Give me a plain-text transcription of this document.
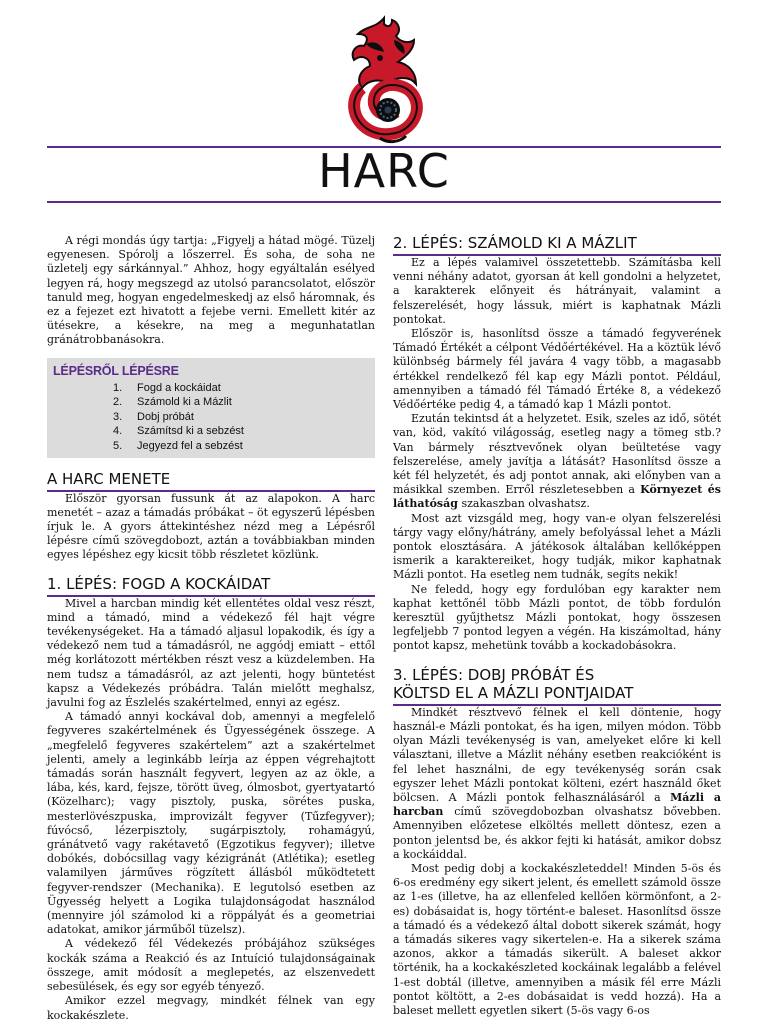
HARC

A régi mondás úgy tartja: „Figyelj a hátad mögé. Tüzelj egyenesen. Spórolj a lőszerrel. És soha, de soha ne üzletelj egy sárkánnyal.” Ahhoz, hogy egyáltalán esélyed legyen rá, hogy megszegd az utolsó parancsolatot, először tanuld meg, hogyan engedelmeskedj az első háromnak, és ez a fejezet ezt hivatott a fejebe verni. Emellett kitér az ütésekre, a késekre, na meg a megunhatatlan gránátrobbanásokra.

LÉPÉSRŐL LÉPÉSRE
1.	Fogd a kockáidat
2.	Számold ki a Mázlit
3.	Dobj próbát
4.	Számítsd ki a sebzést
5.	Jegyezd fel a sebzést
A HARC MENETE

Először gyorsan fussunk át az alapokon. A harc menetét – azaz a támadás próbákat – öt egyszerű lépésben írjuk le. A gyors áttekintéshez nézd meg a Lépésről lépésre című szövegdobozt, aztán a továbbiakban minden egyes lépéshez egy kicsit több részletet közlünk.

1. LÉPÉS: FOGD A KOCKÁIDAT

Mivel a harcban mindig két ellentétes oldal vesz részt, mind a támadó, mind a védekező fél hajt végre tevékenységeket. Ha a támadó aljasul lopakodik, és így a védekező nem tud a támadásról, ne aggódj emiatt – ettől még korlátozott mértékben részt vesz a küzdelemben. Ha nem tudsz a támadásról, az azt jelenti, hogy büntetést kapsz a Védekezés próbádra. Talán mielőtt meghalsz, javulni fog az Észlelés szakértelmed, ennyi az egész.

A támadó annyi kockával dob, amennyi a megfelelő fegyveres szakértelmének és Ügyességének összege. A „megfelelő fegyveres szakértelem” azt a szakértelmet jelenti, amely a leginkább leírja az éppen végrehajtott támadás során használt fegyvert, legyen az az ökle, a lába, kés, kard, fejsze, törött üveg, ólmosbot, gyertyatartó (Közelharc); vagy pisztoly, puska, sörétes puska, mesterlövészpuska, improvizált fegyver (Tűzfegyver); fúvócső, lézerpisztoly, sugárpisztoly, rohamágyú, gránátvető vagy rakétavető (Egzotikus fegyver); illetve dobókés, dobócsillag vagy kézigránát (Atlétika); esetleg valamilyen járműves rögzített állásból működtetett fegyver-rendszer (Mechanika). E legutolsó esetben az Ügyesség helyett a Logika tulajdonságodat használod (mennyire jól számolod ki a röppályát és a geometriai adatokat, amikor járműből tüzelsz).

A védekező fél Védekezés próbájához szükséges kockák száma a Reakció és az Intuíció tulajdonságainak összege, amit módosít a meglepetés, az elszenvedett sebesülések, és egy sor egyéb tényező.

Amikor ezzel megvagy, mindkét félnek van egy kockakészlete.

2. LÉPÉS: SZÁMOLD KI A MÁZLIT

Ez a lépés valamivel összetettebb. Számításba kell venni néhány adatot, gyorsan át kell gondolni a helyzetet, a karakterek előnyeit és hátrányait, valamint a felszerelését, hogy lássuk, miért is kaphatnak Mázli pontokat.

Először is, hasonlítsd össze a támadó fegyverének Támadó Értékét a célpont Védőértékével. Ha a köztük lévő különbség bármely fél javára 4 vagy több, a magasabb értékkel rendelkező fél kap egy Mázli pontot. Például, amennyiben a támadó fél Támadó Értéke 8, a védekező Védőértéke pedig 4, a támadó kap 1 Mázli pontot.

Ezután tekintsd át a helyzetet. Esik, szeles az idő, sötét van, köd, vakító világosság, esetleg nagy a tömeg stb.? Van bármely résztvevőnek olyan beültetése vagy felszerelése, amely javítja a látását? Hasonlítsd össze a két fél helyzetét, és adj pontot annak, aki előnyben van a másikkal szemben. Erről részletesebben a Környezet és láthatóság szakaszban olvashatsz.

Most azt vizsgáld meg, hogy van-e olyan felszerelési tárgy vagy előny/hátrány, amely befolyással lehet a Mázli pontok elosztására. A játékosok általában kellőképpen ismerik a karaktereiket, hogy tudják, mikor kaphatnak Mázli pontot. Ha esetleg nem tudnák, segíts nekik!

Ne feledd, hogy egy fordulóban egy karakter nem kaphat kettőnél több Mázli pontot, de több fordulón keresztül gyűjthetsz Mázli pontokat, hogy összesen legfeljebb 7 pontod legyen a végén. Ha kiszámoltad, hány pontot kapsz, mehetünk tovább a kockadobásokra.

3. LÉPÉS: DOBJ PRÓBÁT ÉS
KÖLTSD EL A MÁZLI PONTJAIDAT

Mindkét résztvevő félnek el kell döntenie, hogy használ-e Mázli pontokat, és ha igen, milyen módon. Több olyan Mázli tevékenység is van, amelyeket előre ki kell választani, illetve a Mázlit néhány esetben reakcióként is fel lehet használni, de egy tevékenység során csak egyszer lehet Mázli pontokat költeni, ezért használd őket bölcsen. A Mázli pontok felhasználásáról a Mázli a harcban című szövegdobozban olvashatsz bővebben. Amennyiben előzetese elköltés mellett döntesz, ezen a ponton jelentsd be, és akkor fejti ki hatását, amikor dobsz a kockáiddal.

Most pedig dobj a kockakészleteddel! Minden 5-ös és 6-os eredmény egy sikert jelent, és emellett számold össze az 1-es (illetve, ha az ellenfeled kellően körmönfont, a 2-es) dobásaidat is, hogy történt-e baleset. Hasonlítsd össze a támadó és a védekező által dobott sikerek számát, hogy a támadás sikeres vagy sikertelen-e. Ha a sikerek száma azonos, akkor a támadás sikerült. A baleset akkor történik, ha a kockakészleted kockáinak legalább a felével 1-est dobtál (illetve, amennyiben a másik fél erre Mázli pontot költött, a 2-es dobásaidat is vedd hozzá). Ha a baleset mellett egyetlen sikert (5-ös vagy 6-os
